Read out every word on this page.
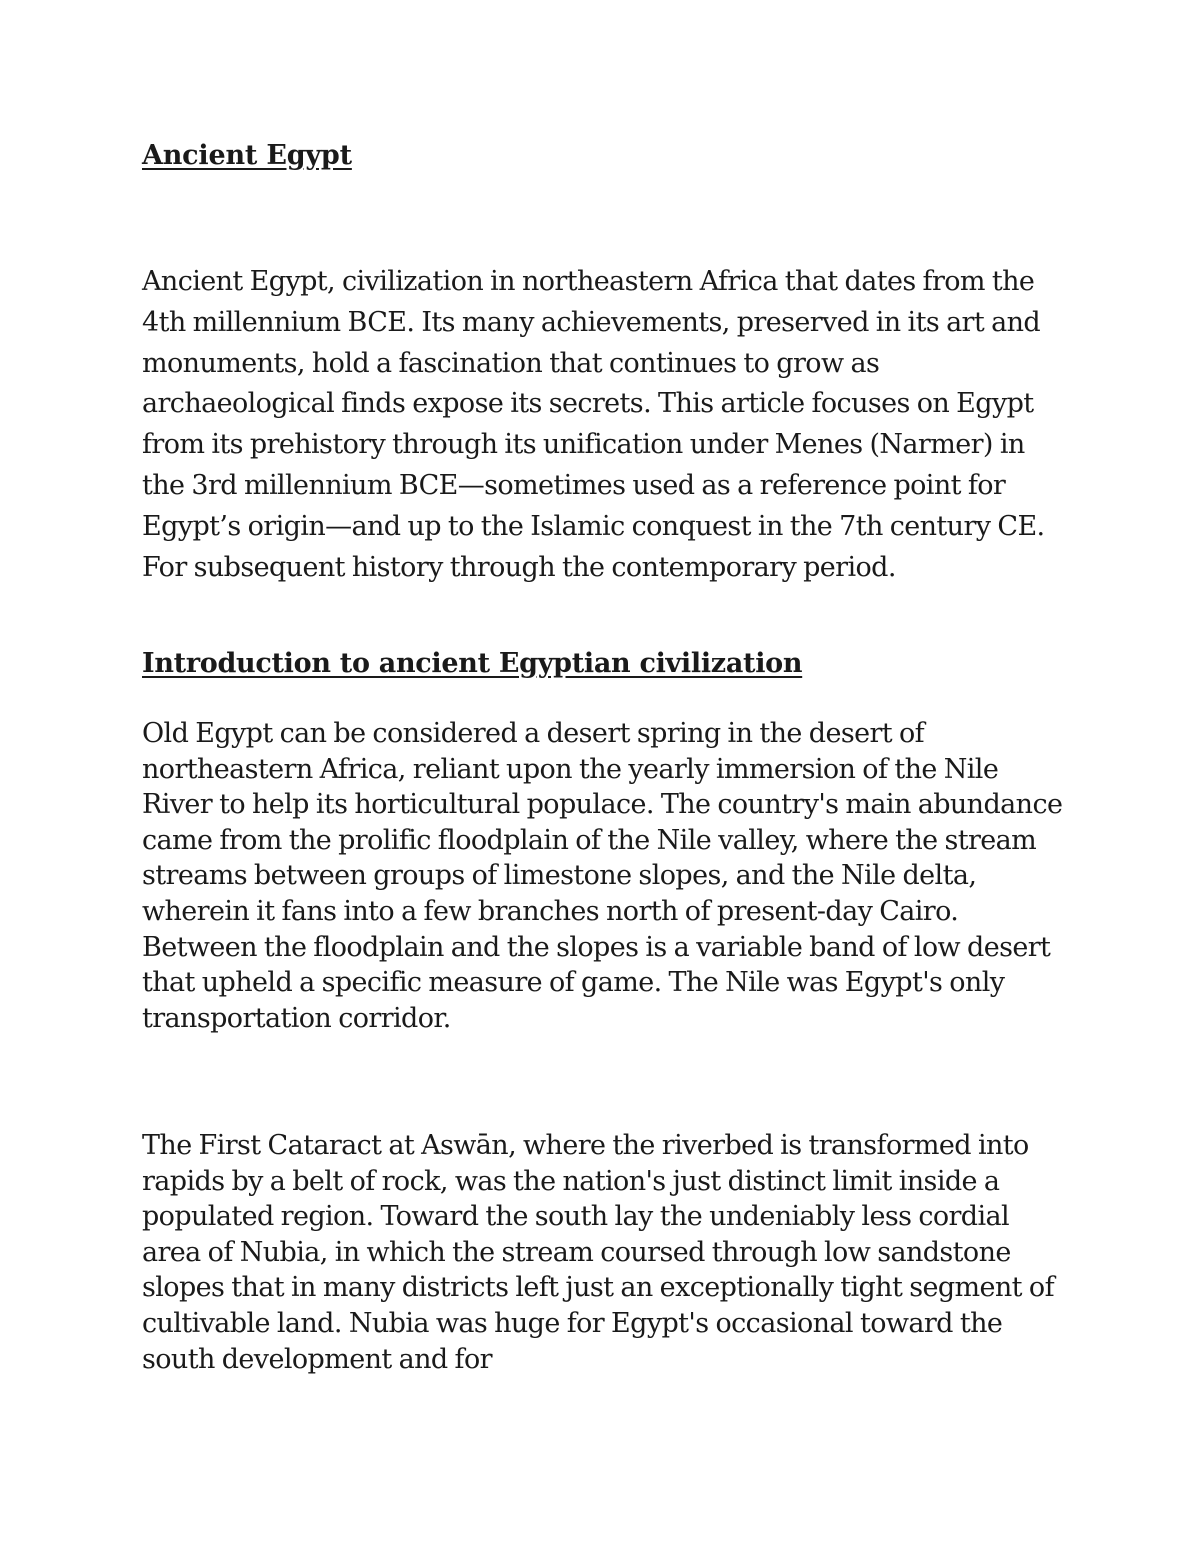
Ancient Egypt

Ancient Egypt, civilization in northeastern Africa that dates from the 4th millennium BCE. Its many achievements, preserved in its art and monuments, hold a fascination that continues to grow as archaeological finds expose its secrets. This article focuses on Egypt from its prehistory through its unification under Menes (Narmer) in the 3rd millennium BCE—sometimes used as a reference point for Egypt’s origin—and up to the Islamic conquest in the 7th century CE. For subsequent history through the contemporary period.

Introduction to ancient Egyptian civilization

Old Egypt can be considered a desert spring in the desert of northeastern Africa, reliant upon the yearly immersion of the Nile River to help its horticultural populace. The country's main abundance came from the prolific floodplain of the Nile valley, where the stream streams between groups of limestone slopes, and the Nile delta, wherein it fans into a few branches north of present-day Cairo. Between the floodplain and the slopes is a variable band of low desert that upheld a specific measure of game. The Nile was Egypt's only transportation corridor.

The First Cataract at Aswān, where the riverbed is transformed into rapids by a belt of rock, was the nation's just distinct limit inside a populated region. Toward the south lay the undeniably less cordial area of Nubia, in which the stream coursed through low sandstone slopes that in many districts left just an exceptionally tight segment of cultivable land. Nubia was huge for Egypt's occasional toward the south development and for
